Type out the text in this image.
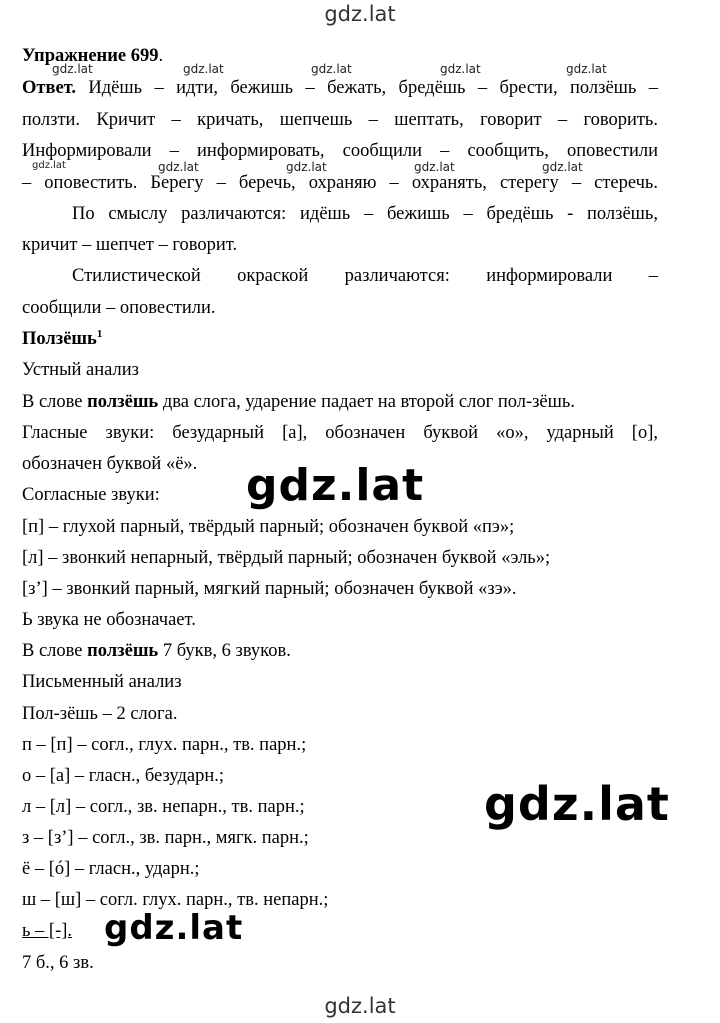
gdz.lat
gdz.lat
gdz.lat	gdz.lat	gdz.lat	gdz.lat	gdz.lat
gdz.lat	gdz.lat	gdz.lat	gdz.lat	gdz.lat
gdz.lat
gdz.lat
gdz.lat
Упражнение 699.
Ответ. Идёшь – идти, бежишь – бежать, бредёшь – брести, ползёшь –
ползти. Кричит – кричать, шепчешь – шептать, говорит – говорить.
Информировали – информировать, сообщили – сообщить, оповестили
– оповестить. Берегу – беречь, охраняю – охранять, стерегу – стеречь.
По смыслу различаются: идёшь – бежишь – бредёшь - ползёшь,
кричит – шепчет – говорит.
Стилистической окраской различаются: информировали –
сообщили – оповестили.
Ползёшь$^1$
Устный анализ
В слове ползёшь два слога, ударение падает на второй слог пол-зёшь.
Гласные звуки: безударный [а], обозначен буквой «о», ударный [о],
обозначен буквой «ё».
Согласные звуки:
[п] – глухой парный, твёрдый парный; обозначен буквой «пэ»;
[л] – звонкий непарный, твёрдый парный; обозначен буквой «эль»;
[з’] – звонкий парный, мягкий парный; обозначен буквой «зэ».
Ь звука не обозначает.
В слове ползёшь 7 букв, 6 звуков.
Письменный анализ
Пол-зёшь – 2 слога.
п – [п] – согл., глух. парн., тв. парн.;
о – [а] – гласн., безударн.;
л – [л] – согл., зв. непарн., тв. парн.;
з – [з’] – согл., зв. парн., мягк. парн.;
ё – [ó] – гласн., ударн.;
ш – [ш] – согл. глух. парн., тв. непарн.;
ь – [-].
7 б., 6 зв.
